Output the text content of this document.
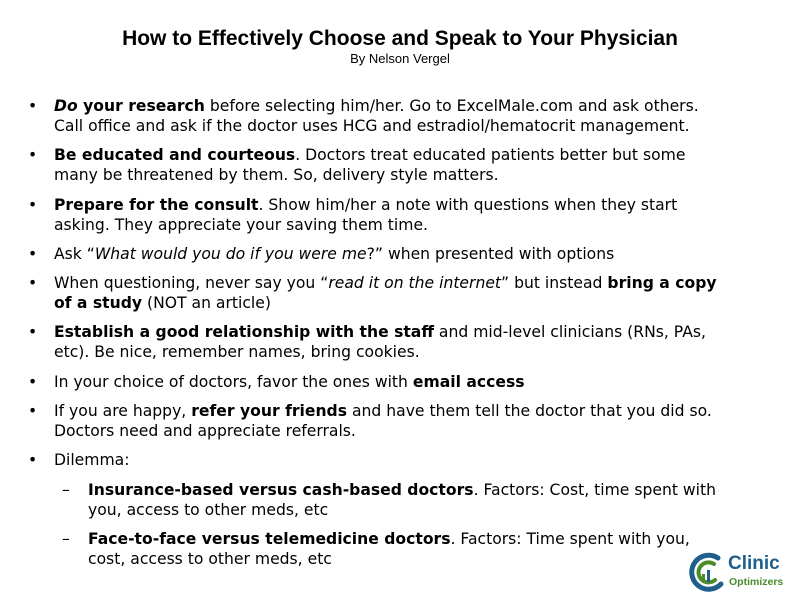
How to Effectively Choose and Speak to Your Physician
By Nelson Vergel
• Do your research before selecting him/her. Go to ExcelMale.com and ask others. Call office and ask if the doctor uses HCG and estradiol/hematocrit management.
• Be educated and courteous. Doctors treat educated patients better but some many be threatened by them. So, delivery style matters.
• Prepare for the consult. Show him/her a note with questions when they start asking. They appreciate your saving them time.
• Ask “What would you do if you were me?” when presented with options
• When questioning, never say you “read it on the internet” but instead bring a copy of a study (NOT an article)
• Establish a good relationship with the staff and mid-level clinicians (RNs, PAs, etc). Be nice, remember names, bring cookies.
• In your choice of doctors, favor the ones with email access
• If you are happy, refer your friends and have them tell the doctor that you did so. Doctors need and appreciate referrals.
• Dilemma:
– Insurance-based versus cash-based doctors. Factors: Cost, time spent with you, access to other meds, etc
– Face-to-face versus telemedicine doctors. Factors: Time spent with you, cost, access to other meds, etc	Clinic
Optimizers
